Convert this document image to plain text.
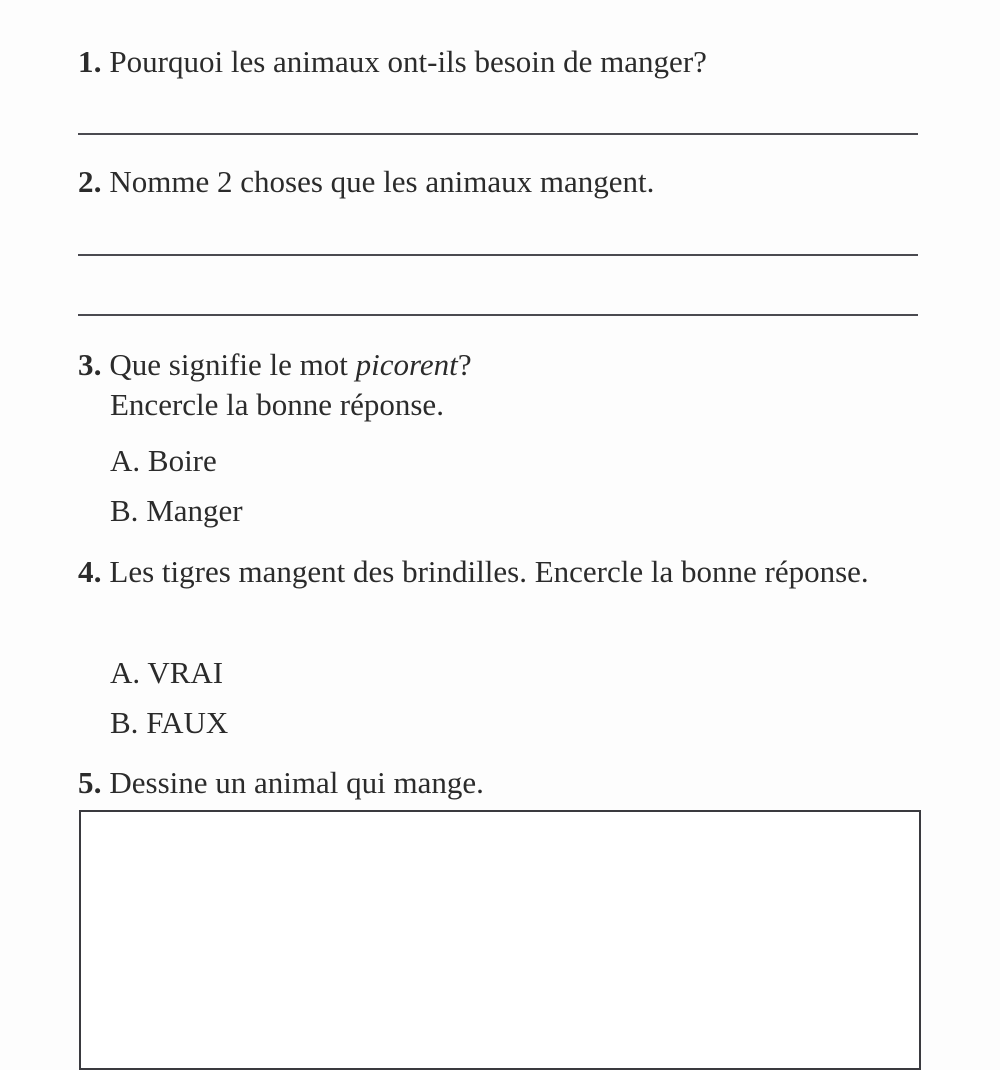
1. Pourquoi les animaux ont-ils besoin de manger?
2. Nomme 2 choses que les animaux mangent.
3. Que signifie le mot picorent?
Encercle la bonne réponse.
A. Boire
B. Manger
4. Les tigres mangent des brindilles. Encercle la bonne réponse.
A. VRAI
B. FAUX
5. Dessine un animal qui mange.
